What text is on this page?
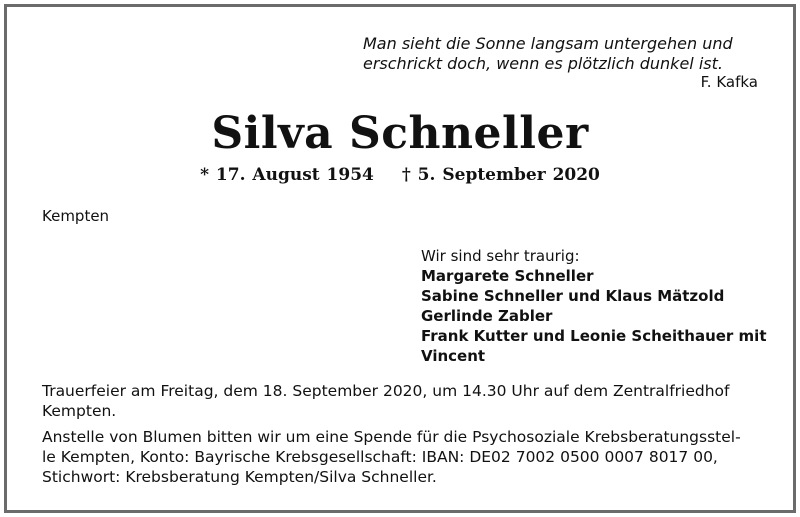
Man sieht die Sonne langsam untergehen und
erschrickt doch, wenn es plötzlich dunkel ist.
F. Kafka
Silva Schneller
* 17. August 1954 † 5. September 2020
Kempten
Wir sind sehr traurig:
Margarete Schneller
Sabine Schneller und Klaus Mätzold
Gerlinde Zabler
Frank Kutter und Leonie Scheithauer mit
Vincent
Trauerfeier am Freitag, dem 18. September 2020, um 14.30 Uhr auf dem Zentralfriedhof
Kempten.
Anstelle von Blumen bitten wir um eine Spende für die Psychosoziale Krebsberatungsstel-
le Kempten, Konto: Bayrische Krebsgesellschaft: IBAN: DE02 7002 0500 0007 8017 00,
Stichwort: Krebsberatung Kempten/Silva Schneller.
